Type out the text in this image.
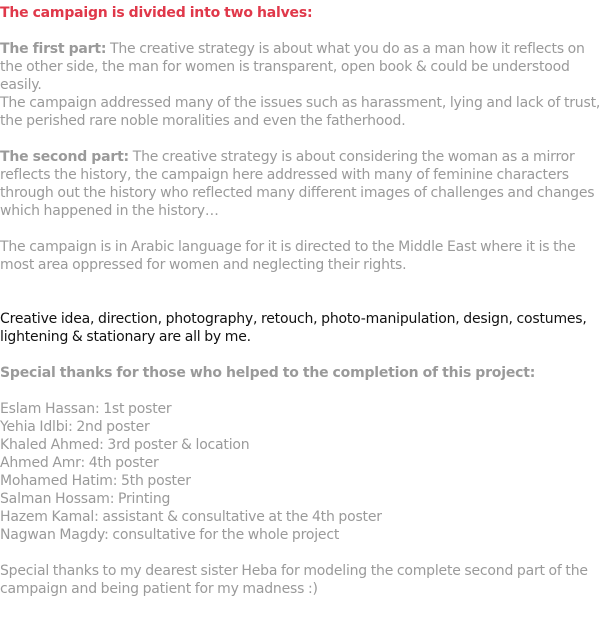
The campaign is divided into two halves:

The first part: The creative strategy is about what you do as a man how it reflects on the other side, the man for women is transparent, open book & could be understood easily.

The campaign addressed many of the issues such as harassment, lying and lack of trust, the perished rare noble moralities and even the fatherhood.

The second part: The creative strategy is about considering the woman as a mirror reflects the history, the campaign here addressed with many of feminine characters through out the history who reflected many different images of challenges and changes which happened in the history…

The campaign is in Arabic language for it is directed to the Middle East where it is the most area oppressed for women and neglecting their rights.

Creative idea, direction, photography, retouch, photo-manipulation, design, costumes, lightening & stationary are all by me.

Special thanks for those who helped to the completion of this project:

Eslam Hassan: 1st poster

Yehia Idlbi: 2nd poster

Khaled Ahmed: 3rd poster & location

Ahmed Amr: 4th poster

Mohamed Hatim: 5th poster

Salman Hossam: Printing

Hazem Kamal: assistant & consultative at the 4th poster

Nagwan Magdy: consultative for the whole project

Special thanks to my dearest sister Heba for modeling the complete second part of the campaign and being patient for my madness :)
